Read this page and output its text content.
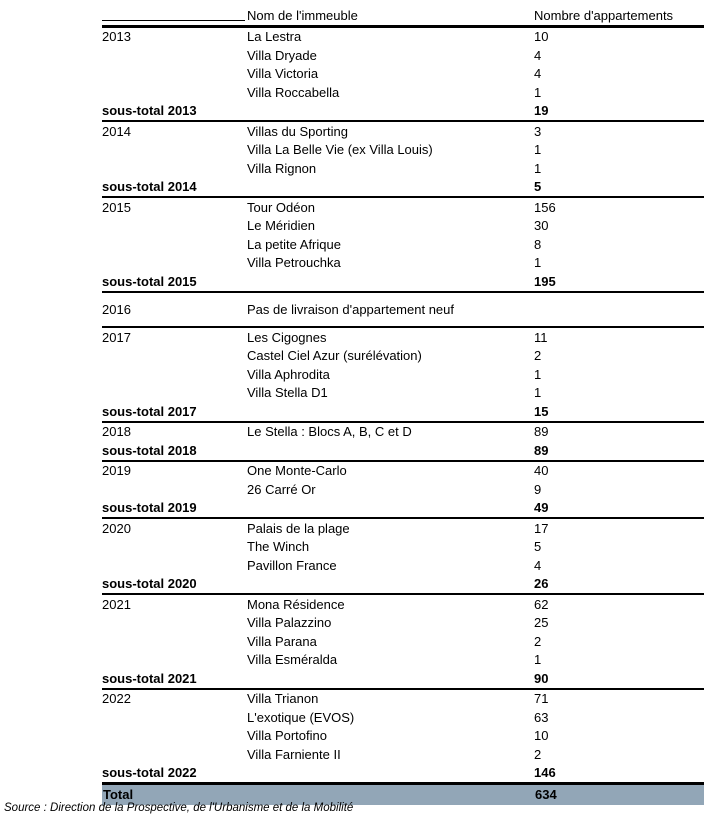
	Nom de l'immeuble	Nombre d'appartements
2013	La Lestra	10
	Villa Dryade	4
	Villa Victoria	4
	Villa Roccabella	1
sous-total 2013		19
2014	Villas du Sporting	3
	Villa La Belle Vie (ex Villa Louis)	1
	Villa Rignon	1
sous-total 2014		5
2015	Tour Odéon	156
	Le Méridien	30
	La petite Afrique	8
	Villa Petrouchka	1
sous-total 2015		195
2016	Pas de livraison d'appartement neuf	
2017	Les Cigognes	11
	Castel Ciel Azur (surélévation)	2
	Villa Aphrodita	1
	Villa Stella D1	1
sous-total 2017		15
2018	Le Stella : Blocs A, B, C et D	89
sous-total 2018		89
2019	One Monte-Carlo	40
	26 Carré Or	9
sous-total 2019		49
2020	Palais de la plage	17
	The Winch	5
	Pavillon France	4
sous-total 2020		26
2021	Mona Résidence	62
	Villa Palazzino	25
	Villa Parana	2
	Villa Esméralda	1
sous-total 2021		90
2022	Villa Trianon	71
	L'exotique (EVOS)	63
	Villa Portofino	10
	Villa Farniente II	2
sous-total 2022		146
Total		634
Source : Direction de la Prospective, de l'Urbanisme et de la Mobilité
